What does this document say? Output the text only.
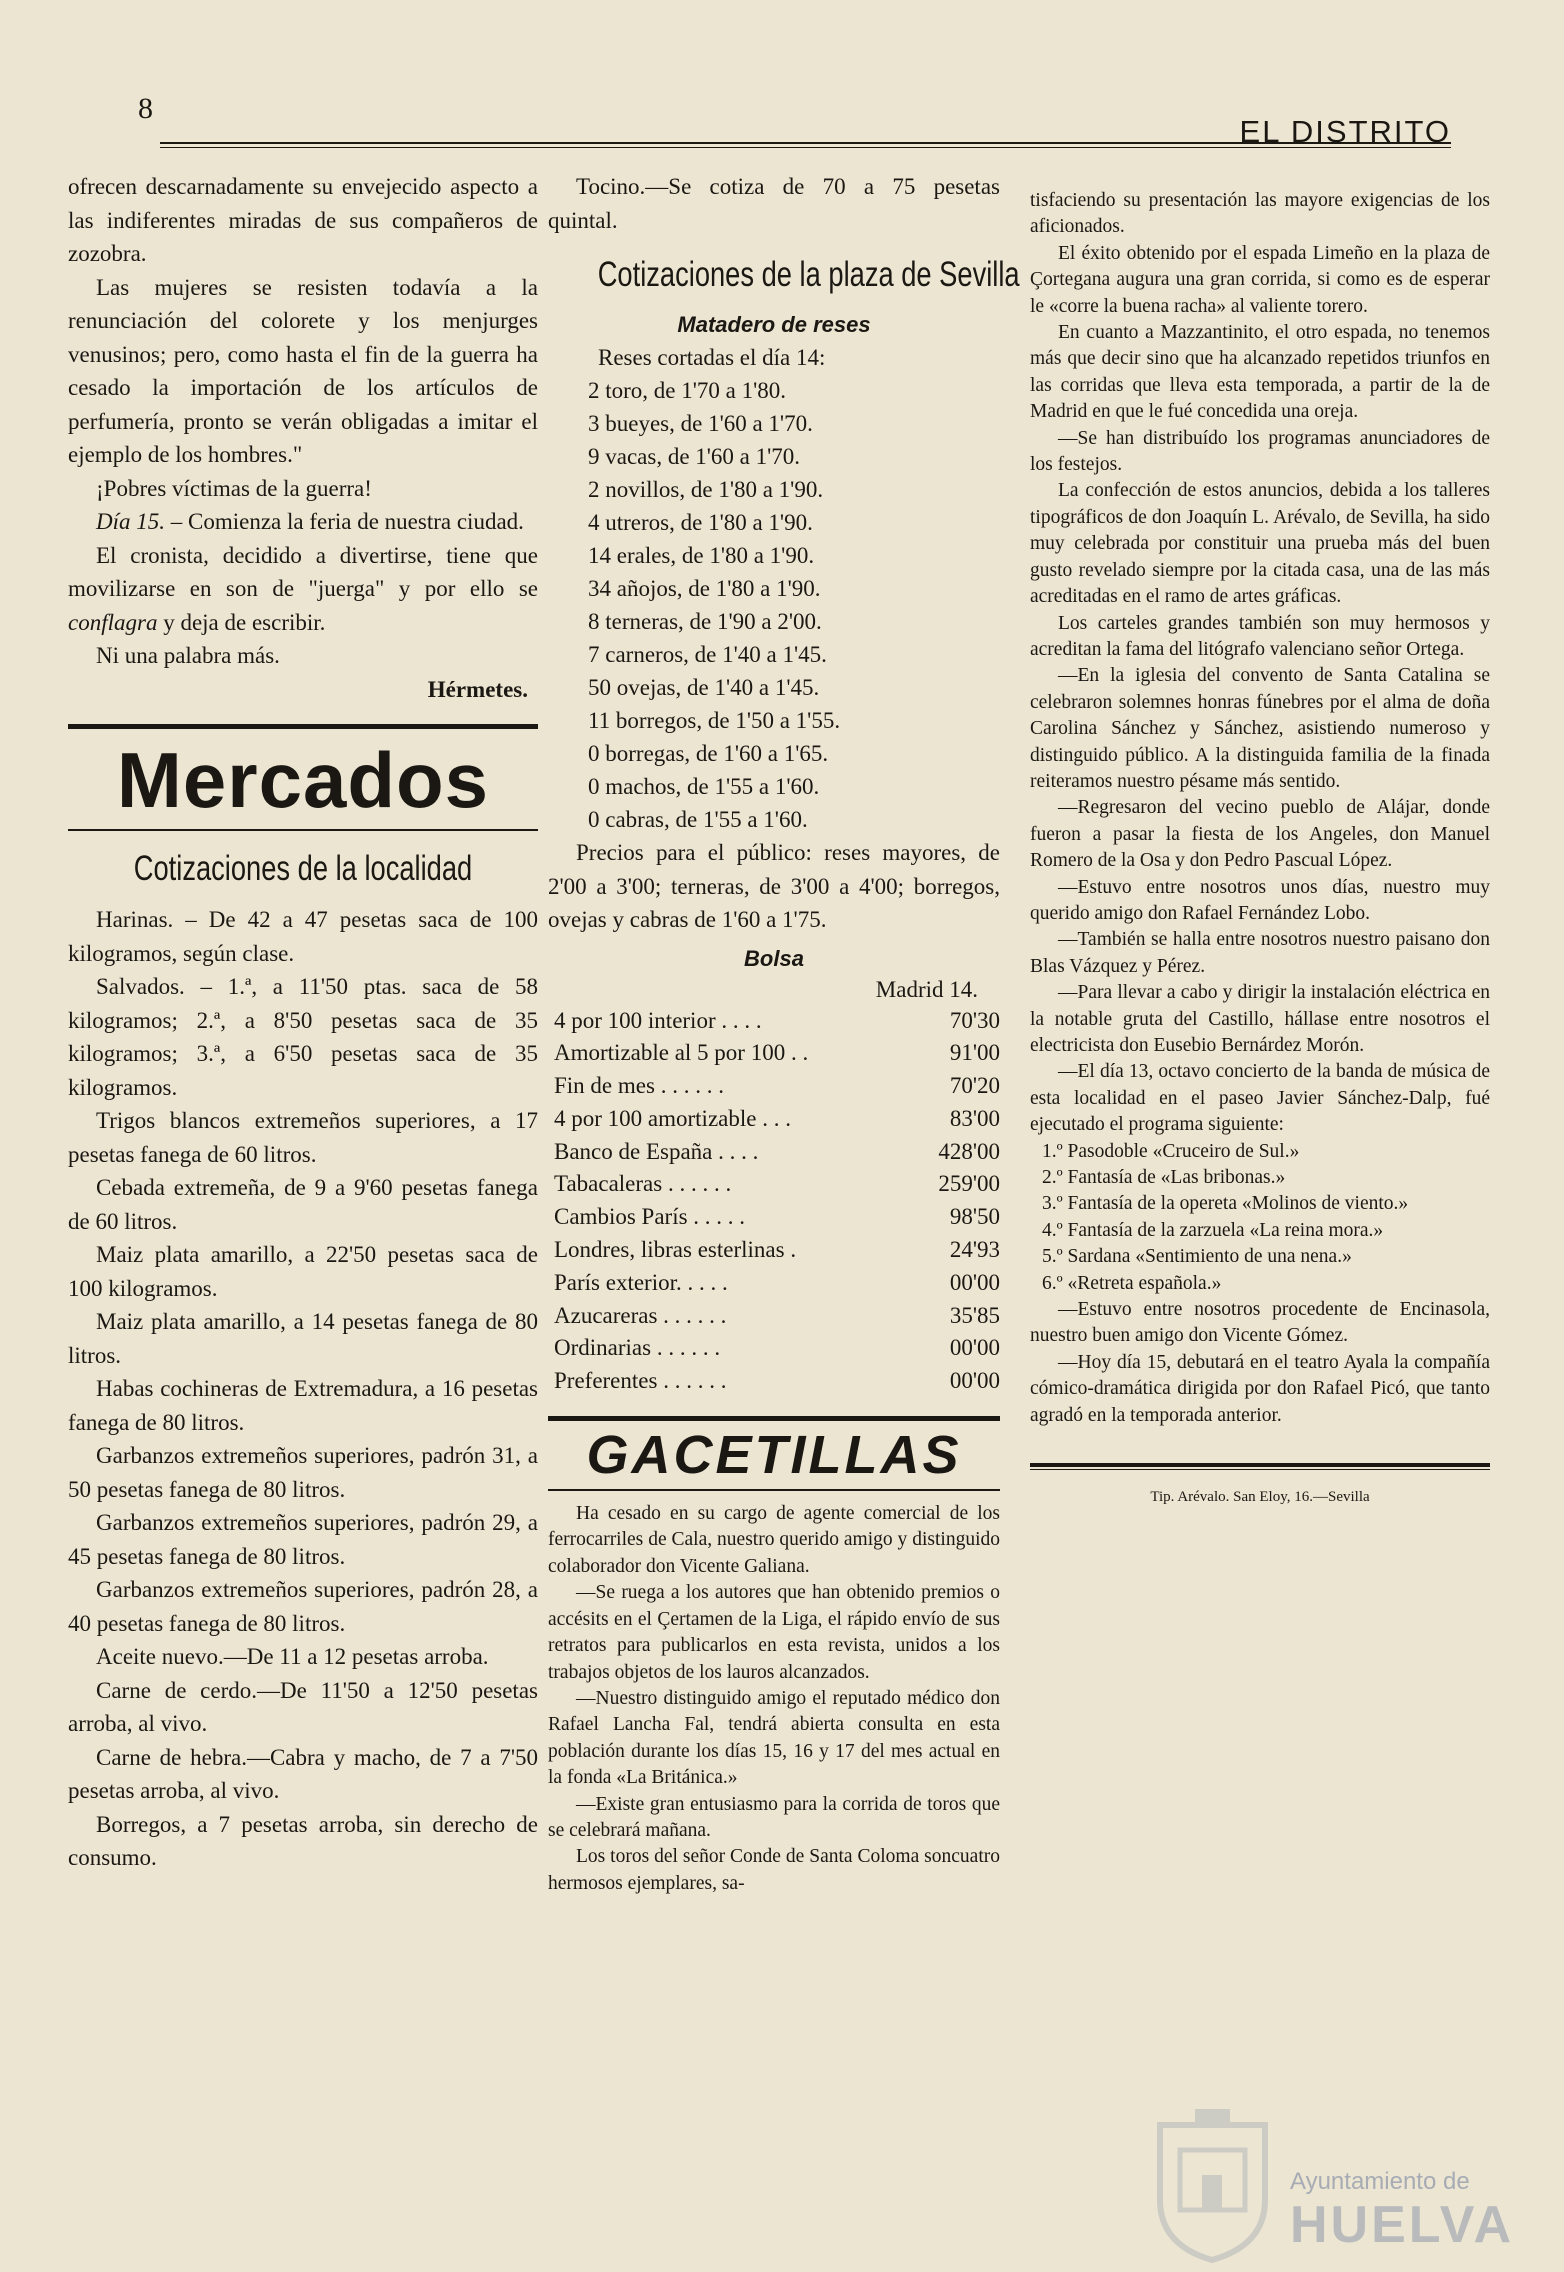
8
EL DISTRITO

ofrecen descarnadamente su envejecido aspecto a las indiferentes miradas de sus compañeros de zozobra.

Las mujeres se resisten todavía a la renunciación del colorete y los menjurges venusinos; pero, como hasta el fin de la guerra ha cesado la importación de los artículos de perfumería, pronto se verán obligadas a imitar el ejemplo de los hombres."

¡Pobres víctimas de la guerra!

Día 15. – Comienza la feria de nuestra ciudad.

El cronista, decidido a divertirse, tiene que movilizarse en son de "juerga" y por ello se conflagra y deja de escribir.

Ni una palabra más.

Hérmetes.

Mercados
Cotizaciones de la localidad

Harinas. – De 42 a 47 pesetas saca de 100 kilogramos, según clase.

Salvados. – 1.ª, a 11'50 ptas. saca de 58 kilogramos; 2.ª, a 8'50 pesetas saca de 35 kilogramos; 3.ª, a 6'50 pesetas saca de 35 kilogramos.

Trigos blancos extremeños superiores, a 17 pesetas fanega de 60 litros.

Cebada extremeña, de 9 a 9'60 pesetas fanega de 60 litros.

Maiz plata amarillo, a 22'50 pesetas saca de 100 kilogramos.

Maiz plata amarillo, a 14 pesetas fanega de 80 litros.

Habas cochineras de Extremadura, a 16 pesetas fanega de 80 litros.

Garbanzos extremeños superiores, padrón 31, a 50 pesetas fanega de 80 litros.

Garbanzos extremeños superiores, padrón 29, a 45 pesetas fanega de 80 litros.

Garbanzos extremeños superiores, padrón 28, a 40 pesetas fanega de 80 litros.

Aceite nuevo.—De 11 a 12 pesetas arroba.

Carne de cerdo.—De 11'50 a 12'50 pesetas arroba, al vivo.

Carne de hebra.—Cabra y macho, de 7 a 7'50 pesetas arroba, al vivo.

Borregos, a 7 pesetas arroba, sin derecho de consumo.

Tocino.—Se cotiza de 70 a 75 pesetas quintal.

Cotizaciones de la plaza de Sevilla
Matadero de reses

Reses cortadas el día 14:

2 toro, de 1'70 a 1'80.

3 bueyes, de 1'60 a 1'70.

9 vacas, de 1'60 a 1'70.

2 novillos, de 1'80 a 1'90.

4 utreros, de 1'80 a 1'90.

14 erales, de 1'80 a 1'90.

34 añojos, de 1'80 a 1'90.

8 terneras, de 1'90 a 2'00.

7 carneros, de 1'40 a 1'45.

50 ovejas, de 1'40 a 1'45.

11 borregos, de 1'50 a 1'55.

0 borregas, de 1'60 a 1'65.

0 machos, de 1'55 a 1'60.

0 cabras, de 1'55 a 1'60.

Precios para el público: reses mayores, de 2'00 a 3'00; terneras, de 3'00 a 4'00; borregos, ovejas y cabras de 1'60 a 1'75.

Bolsa

Madrid 14.

4 por 100 interior . . . .	70'30
Amortizable al 5 por 100 . .	91'00
Fin de mes . . . . . .	70'20
4 por 100 amortizable . . .	83'00
Banco de España . . . .	428'00
Tabacaleras . . . . . .	259'00
Cambios París . . . . .	98'50
Londres, libras esterlinas .	24'93
París exterior. . . . .	00'00
Azucareras . . . . . .	35'85
Ordinarias . . . . . .	00'00
Preferentes . . . . . .	00'00
GACETILLAS

Ha cesado en su cargo de agente comercial de los ferrocarriles de Cala, nuestro querido amigo y distinguido colaborador don Vicente Galiana.

—Se ruega a los autores que han obtenido premios o accésits en el Çertamen de la Liga, el rápido envío de sus retratos para publicarlos en esta revista, unidos a los trabajos objetos de los lauros alcanzados.

—Nuestro distinguido amigo el reputado médico don Rafael Lancha Fal, tendrá abierta consulta en esta población durante los días 15, 16 y 17 del mes actual en la fonda «La Británica.»

—Existe gran entusiasmo para la corrida de toros que se celebrará mañana.

Los toros del señor Conde de Santa Coloma soncuatro hermosos ejemplares, sa-

tisfaciendo su presentación las mayore exigencias de los aficionados.

El éxito obtenido por el espada Limeño en la plaza de Çortegana augura una gran corrida, si como es de esperar le «corre la buena racha» al valiente torero.

En cuanto a Mazzantinito, el otro espada, no tenemos más que decir sino que ha alcanzado repetidos triunfos en las corridas que lleva esta temporada, a partir de la de Madrid en que le fué concedida una oreja.

—Se han distribuído los programas anunciadores de los festejos.

La confección de estos anuncios, debida a los talleres tipográficos de don Joaquín L. Arévalo, de Sevilla, ha sido muy celebrada por constituir una prueba más del buen gusto revelado siempre por la citada casa, una de las más acreditadas en el ramo de artes gráficas.

Los carteles grandes también son muy hermosos y acreditan la fama del litógrafo valenciano señor Ortega.

—En la iglesia del convento de Santa Catalina se celebraron solemnes honras fúnebres por el alma de doña Carolina Sánchez y Sánchez, asistiendo numeroso y distinguido público. A la distinguida familia de la finada reiteramos nuestro pésame más sentido.

—Regresaron del vecino pueblo de Alájar, donde fueron a pasar la fiesta de los Angeles, don Manuel Romero de la Osa y don Pedro Pascual López.

—Estuvo entre nosotros unos días, nuestro muy querido amigo don Rafael Fernández Lobo.

—También se halla entre nosotros nuestro paisano don Blas Vázquez y Pérez.

—Para llevar a cabo y dirigir la instalación eléctrica en la notable gruta del Castillo, hállase entre nosotros el electricista don Eusebio Bernárdez Morón.

—El día 13, octavo concierto de la banda de música de esta localidad en el paseo Javier Sánchez-Dalp, fué ejecutado el programa siguiente:

1.º Pasodoble «Cruceiro de Sul.»

2.º Fantasía de «Las bribonas.»

3.º Fantasía de la opereta «Molinos de viento.»

4.º Fantasía de la zarzuela «La reina mora.»

5.º Sardana «Sentimiento de una nena.»

6.º «Retreta española.»

—Estuvo entre nosotros procedente de Encinasola, nuestro buen amigo don Vicente Gómez.

—Hoy día 15, debutará en el teatro Ayala la compañía cómico-dramática dirigida por don Rafael Picó, que tanto agradó en la temporada anterior.

Tip. Arévalo. San Eloy, 16.—Sevilla
Ayuntamiento de
HUELVA
